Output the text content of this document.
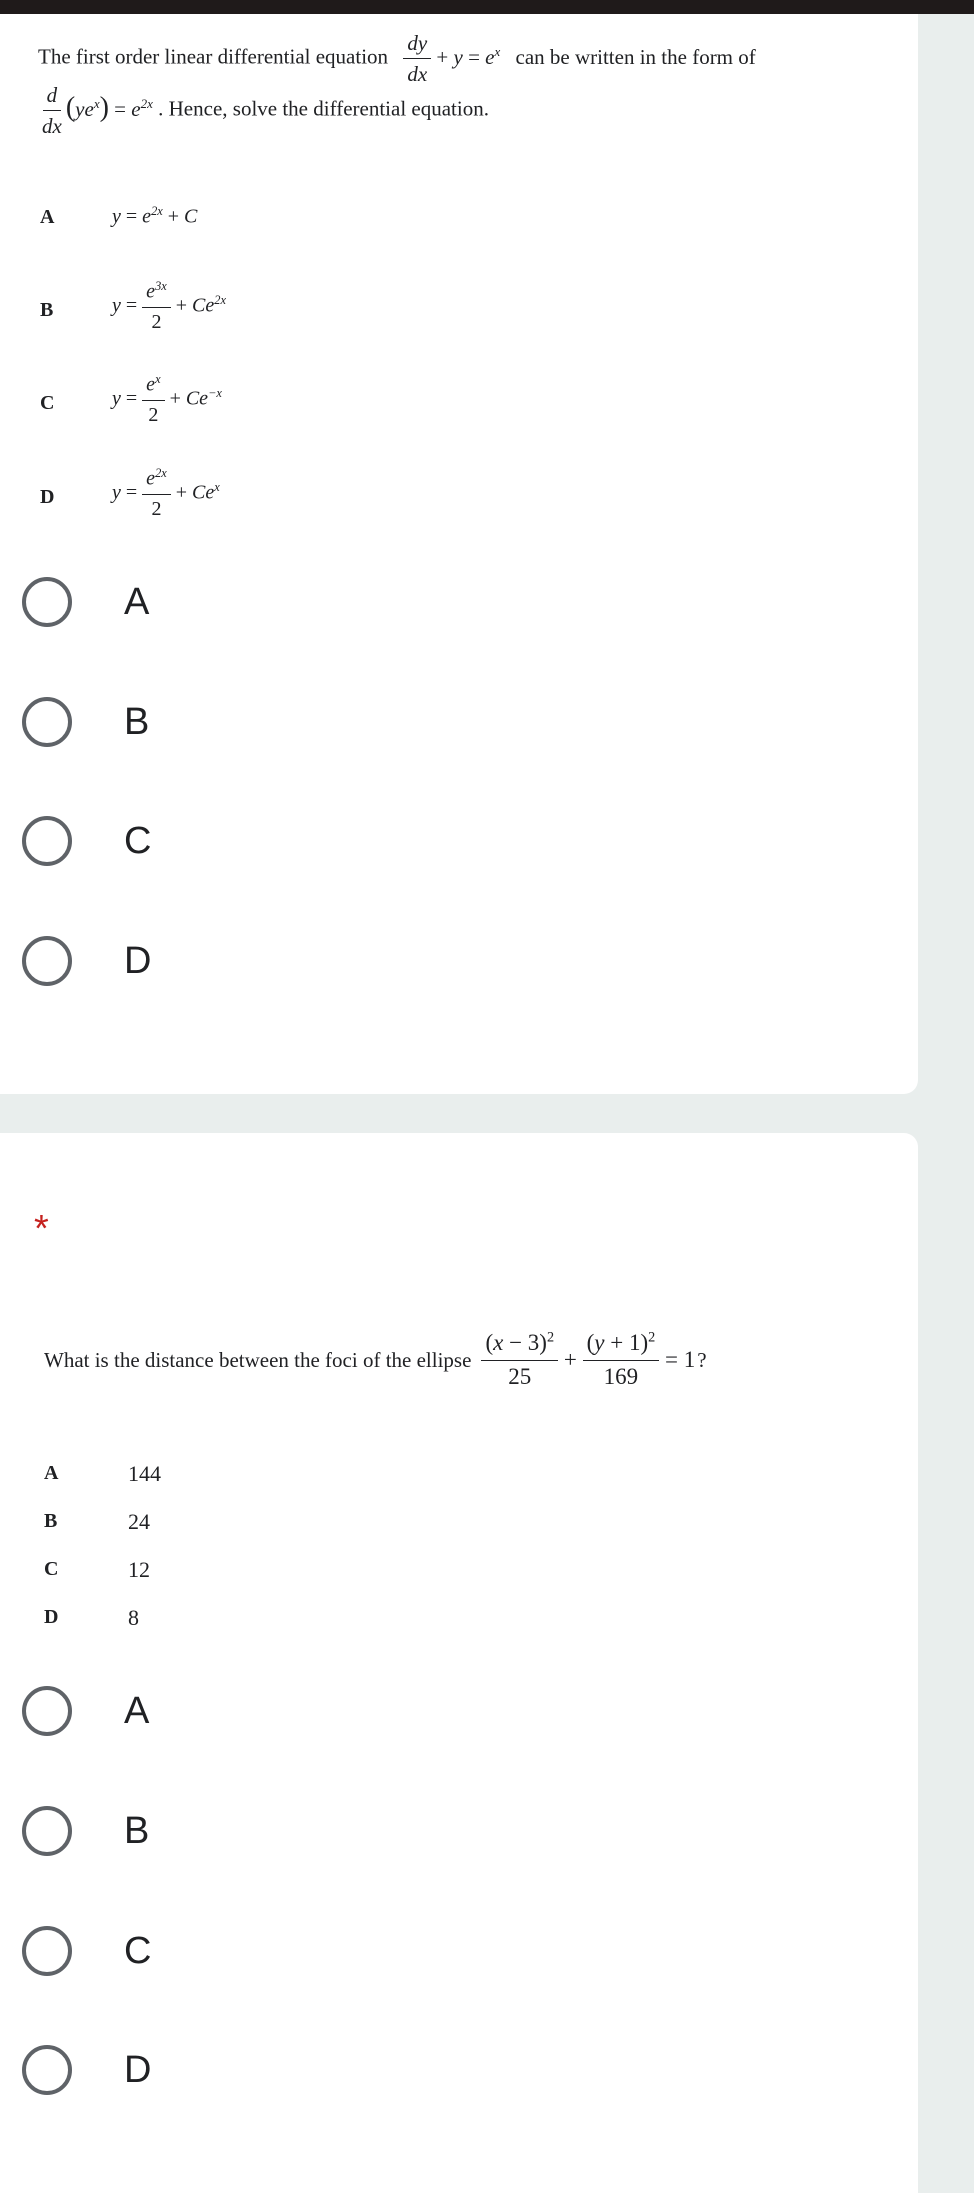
The first order linear differential equation $\frac{dy}{dx} + y = e^x$ can be written in the form of
$\frac{d}{dx} (ye^x) = e^{2x}$ . Hence, solve the differential equation.
A	$y = e^{2x} + C$
B	$y = \frac{e^{3x}}{2} + Ce^{2x}$
C	$y = \frac{e^x}{2} + Ce^{-x}$
D	$y = \frac{e^{2x}}{2} + Ce^x$
A
B
C
D
*
What is the distance between the foci of the ellipse $\frac{(x - 3)^2}{25} + \frac{(y + 1)^2}{169} = 1$ ?
A	144
B	24
C	12
D	8
A
B
C
D
